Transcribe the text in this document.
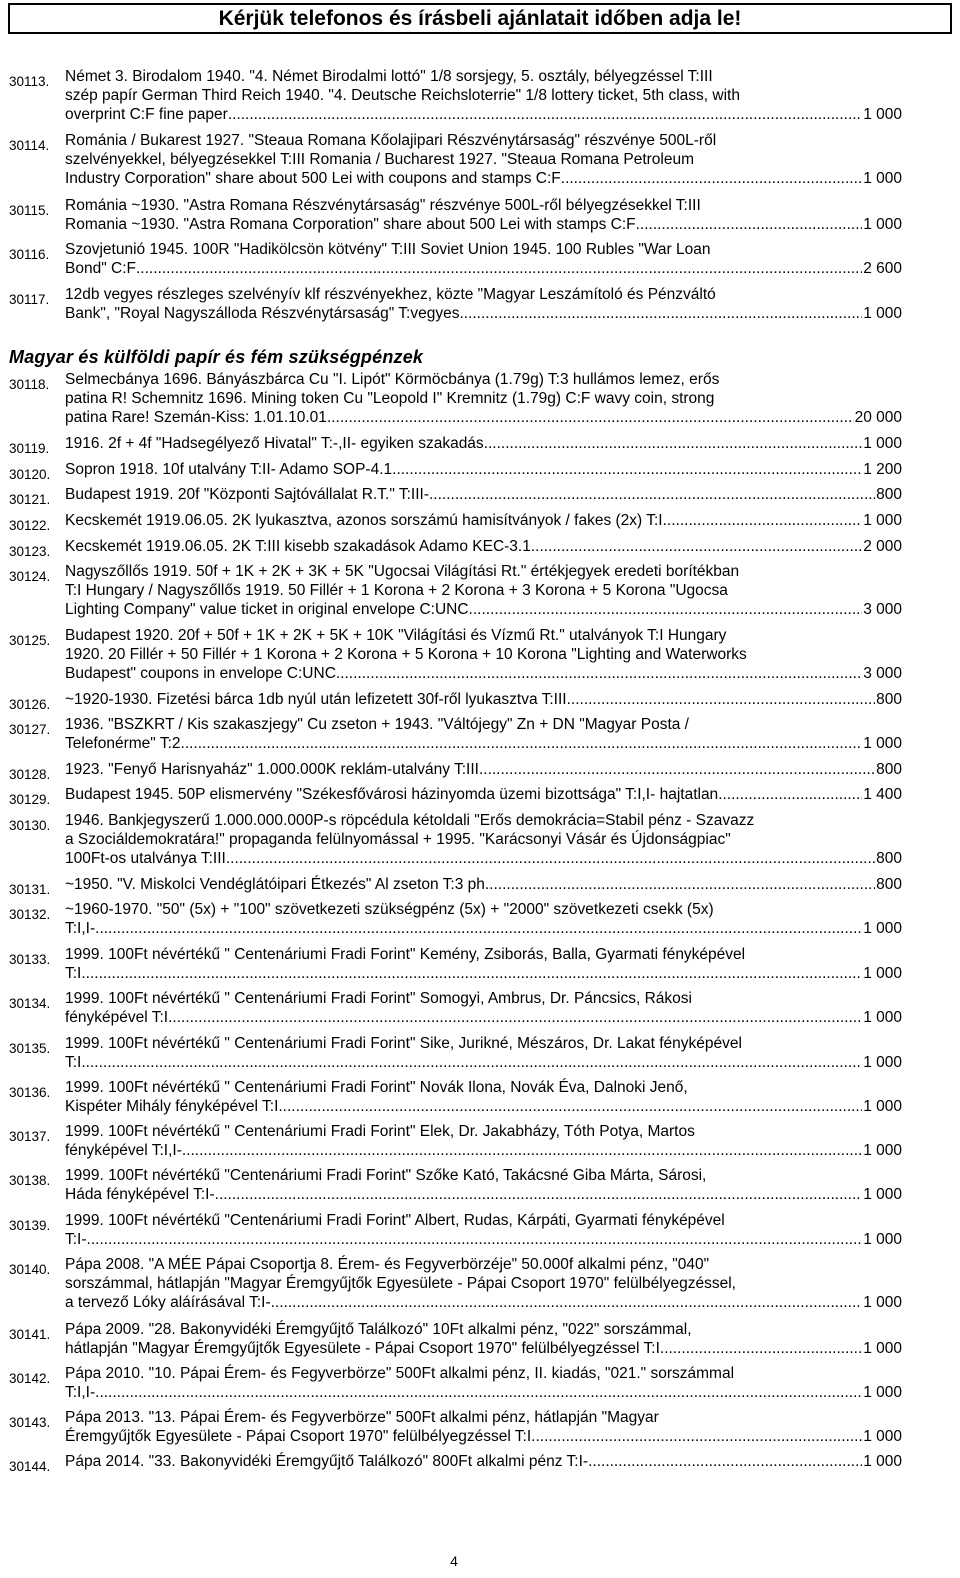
Kérjük telefonos és írásbeli ajánlatait időben adja le!
30113.	Német 3. Birodalom 1940. "4. Német Birodalmi lottó" 1/8 sorsjegy, 5. osztály, bélyegzéssel T:III
szép papír German Third Reich 1940. "4. Deutsche Reichsloterrie" 1/8 lottery ticket, 5th class, with
overprint C:F fine paper .....	1 000
30114.	Románia / Bukarest 1927. "Steaua Romana Kőolajipari Részvénytársaság" részvénye 500L-ről
szelvényekkel, bélyegzésekkel T:III Romania / Bucharest 1927. "Steaua Romana Petroleum
Industry Corporation" share about 500 Lei with coupons and stamps C:F .....	1 000
30115.	Románia ~1930. "Astra Romana Részvénytársaság" részvénye 500L-ről bélyegzésekkel T:III
Romania ~1930. "Astra Romana Corporation" share about 500 Lei with stamps C:F .....	1 000
30116.	Szovjetunió 1945. 100R "Hadikölcsön kötvény" T:III Soviet Union 1945. 100 Rubles "War Loan
Bond" C:F .....	2 600
30117.	12db vegyes részleges szelvényív klf részvényekhez, közte "Magyar Leszámítoló és Pénzváltó
Bank", "Royal Nagyszálloda Részvénytársaság" T:vegyes .....	1 000
30118.	Selmecbánya 1696. Bányászbárca Cu "I. Lipót" Körmöcbánya (1.79g) T:3 hullámos lemez, erős
patina R! Schemnitz 1696. Mining token Cu "Leopold I" Kremnitz (1.79g) C:F wavy coin, strong
patina Rare! Szemán-Kiss: 1.01.10.01 .....	20 000
30119.	1916. 2f + 4f "Hadsegélyező Hivatal" T:-,II- egyiken szakadás .....	1 000
30120. Sopron 1918. 10f utalvány T:II- Adamo SOP-4.1 .....	1 200
30121. Budapest 1919. 20f "Központi Sajtóvállalat R.T." T:III- .....	800
30122. Kecskemét 1919.06.05. 2K lyukasztva, azonos sorszámú hamisítványok / fakes (2x) T:I .....	1 000
30123. Kecskemét 1919.06.05. 2K T:III kisebb szakadások Adamo KEC-3.1 .....	2 000
30124. Nagyszőllős 1919. 50f + 1K + 2K + 3K + 5K "Ugocsai Világítási Rt." értékjegyek eredeti borítékban
T:I Hungary / Nagyszőllős 1919. 50 Fillér + 1 Korona + 2 Korona + 3 Korona + 5 Korona "Ugocsa
Lighting Company" value ticket in original envelope C:UNC .....	3 000
30125. Budapest 1920. 20f + 50f + 1K + 2K + 5K + 10K "Világítási és Vízmű Rt." utalványok T:I Hungary
1920. 20 Fillér + 50 Fillér + 1 Korona + 2 Korona + 5 Korona + 10 Korona "Lighting and Waterworks
Budapest" coupons in envelope C:UNC .....	3 000
30126. ~1920-1930. Fizetési bárca 1db nyúl után lefizetett 30f-ről lyukasztva T:III .....	800
30127. 1936. "BSZKRT / Kis szakaszjegy" Cu zseton + 1943. "Váltójegy" Zn + DN "Magyar Posta /
Telefonérme" T:2 .....	1 000
30128. 1923. "Fenyő Harisnyaház" 1.000.000K reklám-utalvány T:III .....	800
30129. Budapest 1945. 50P elismervény "Székesfővárosi házinyomda üzemi bizottsága" T:I,I- hajtatlan .....	1 400
30130. 1946. Bankjegyszerű 1.000.000.000P-s röpcédula kétoldali "Erős demokrácia=Stabil pénz - Szavazz
a Szociáldemokratára!" propaganda felülnyomással + 1995. "Karácsonyi Vásár és Újdonságpiac"
100Ft-os utalványa T:III .....	800
30131. ~1950. "V. Miskolci Vendéglátóipari Étkezés" Al zseton T:3 ph .....	800
30132. ~1960-1970. "50" (5x) + "100" szövetkezeti szükségpénz (5x) + "2000" szövetkezeti csekk (5x)
T:I,I- .....	1 000
30133. 1999. 100Ft névértékű " Centenáriumi Fradi Forint" Kemény, Zsiborás, Balla, Gyarmati fényképével
T:I .....	1 000
30134. 1999. 100Ft névértékű " Centenáriumi Fradi Forint" Somogyi, Ambrus, Dr. Páncsics, Rákosi
fényképével T:I .....	1 000
30135. 1999. 100Ft névértékű " Centenáriumi Fradi Forint" Sike, Jurikné, Mészáros, Dr. Lakat fényképével
T:I .....	1 000
30136. 1999. 100Ft névértékű " Centenáriumi Fradi Forint" Novák Ilona, Novák Éva, Dalnoki Jenő,
Kispéter Mihály fényképével T:I .....	1 000
30137. 1999. 100Ft névértékű " Centenáriumi Fradi Forint" Elek, Dr. Jakabházy, Tóth Potya, Martos
fényképével T:I,I- .....	1 000
30138. 1999. 100Ft névértékű "Centenáriumi Fradi Forint" Szőke Kató, Takácsné Giba Márta, Sárosi,
Háda fényképével T:I- .....	1 000
30139. 1999. 100Ft névértékű "Centenáriumi Fradi Forint" Albert, Rudas, Kárpáti, Gyarmati fényképével
T:I- .....	1 000
30140. Pápa 2008. "A MÉE Pápai Csoportja 8. Érem- és Fegyverbörzéje" 50.000f alkalmi pénz, "040"
sorszámmal, hátlapján "Magyar Éremgyűjtők Egyesülete - Pápai Csoport 1970" felülbélyegzéssel,
a tervező Lóky aláírásával T:I- .....	1 000
30141. Pápa 2009. "28. Bakonyvidéki Éremgyűjtő Találkozó" 10Ft alkalmi pénz, "022" sorszámmal,
hátlapján "Magyar Éremgyűjtők Egyesülete - Pápai Csoport 1970" felülbélyegzéssel T:I .....	1 000
30142. Pápa 2010. "10. Pápai Érem- és Fegyverbörze" 500Ft alkalmi pénz, II. kiadás, "021." sorszámmal
T:I,I- .....	1 000
30143. Pápa 2013. "13. Pápai Érem- és Fegyverbörze" 500Ft alkalmi pénz, hátlapján "Magyar
Éremgyűjtők Egyesülete - Pápai Csoport 1970" felülbélyegzéssel T:I .....	1 000
30144. Pápa 2014. "33. Bakonyvidéki Éremgyűjtő Találkozó" 800Ft alkalmi pénz T:I- .....	1 000
Magyar és külföldi papír és fém szükségpénzek
4
